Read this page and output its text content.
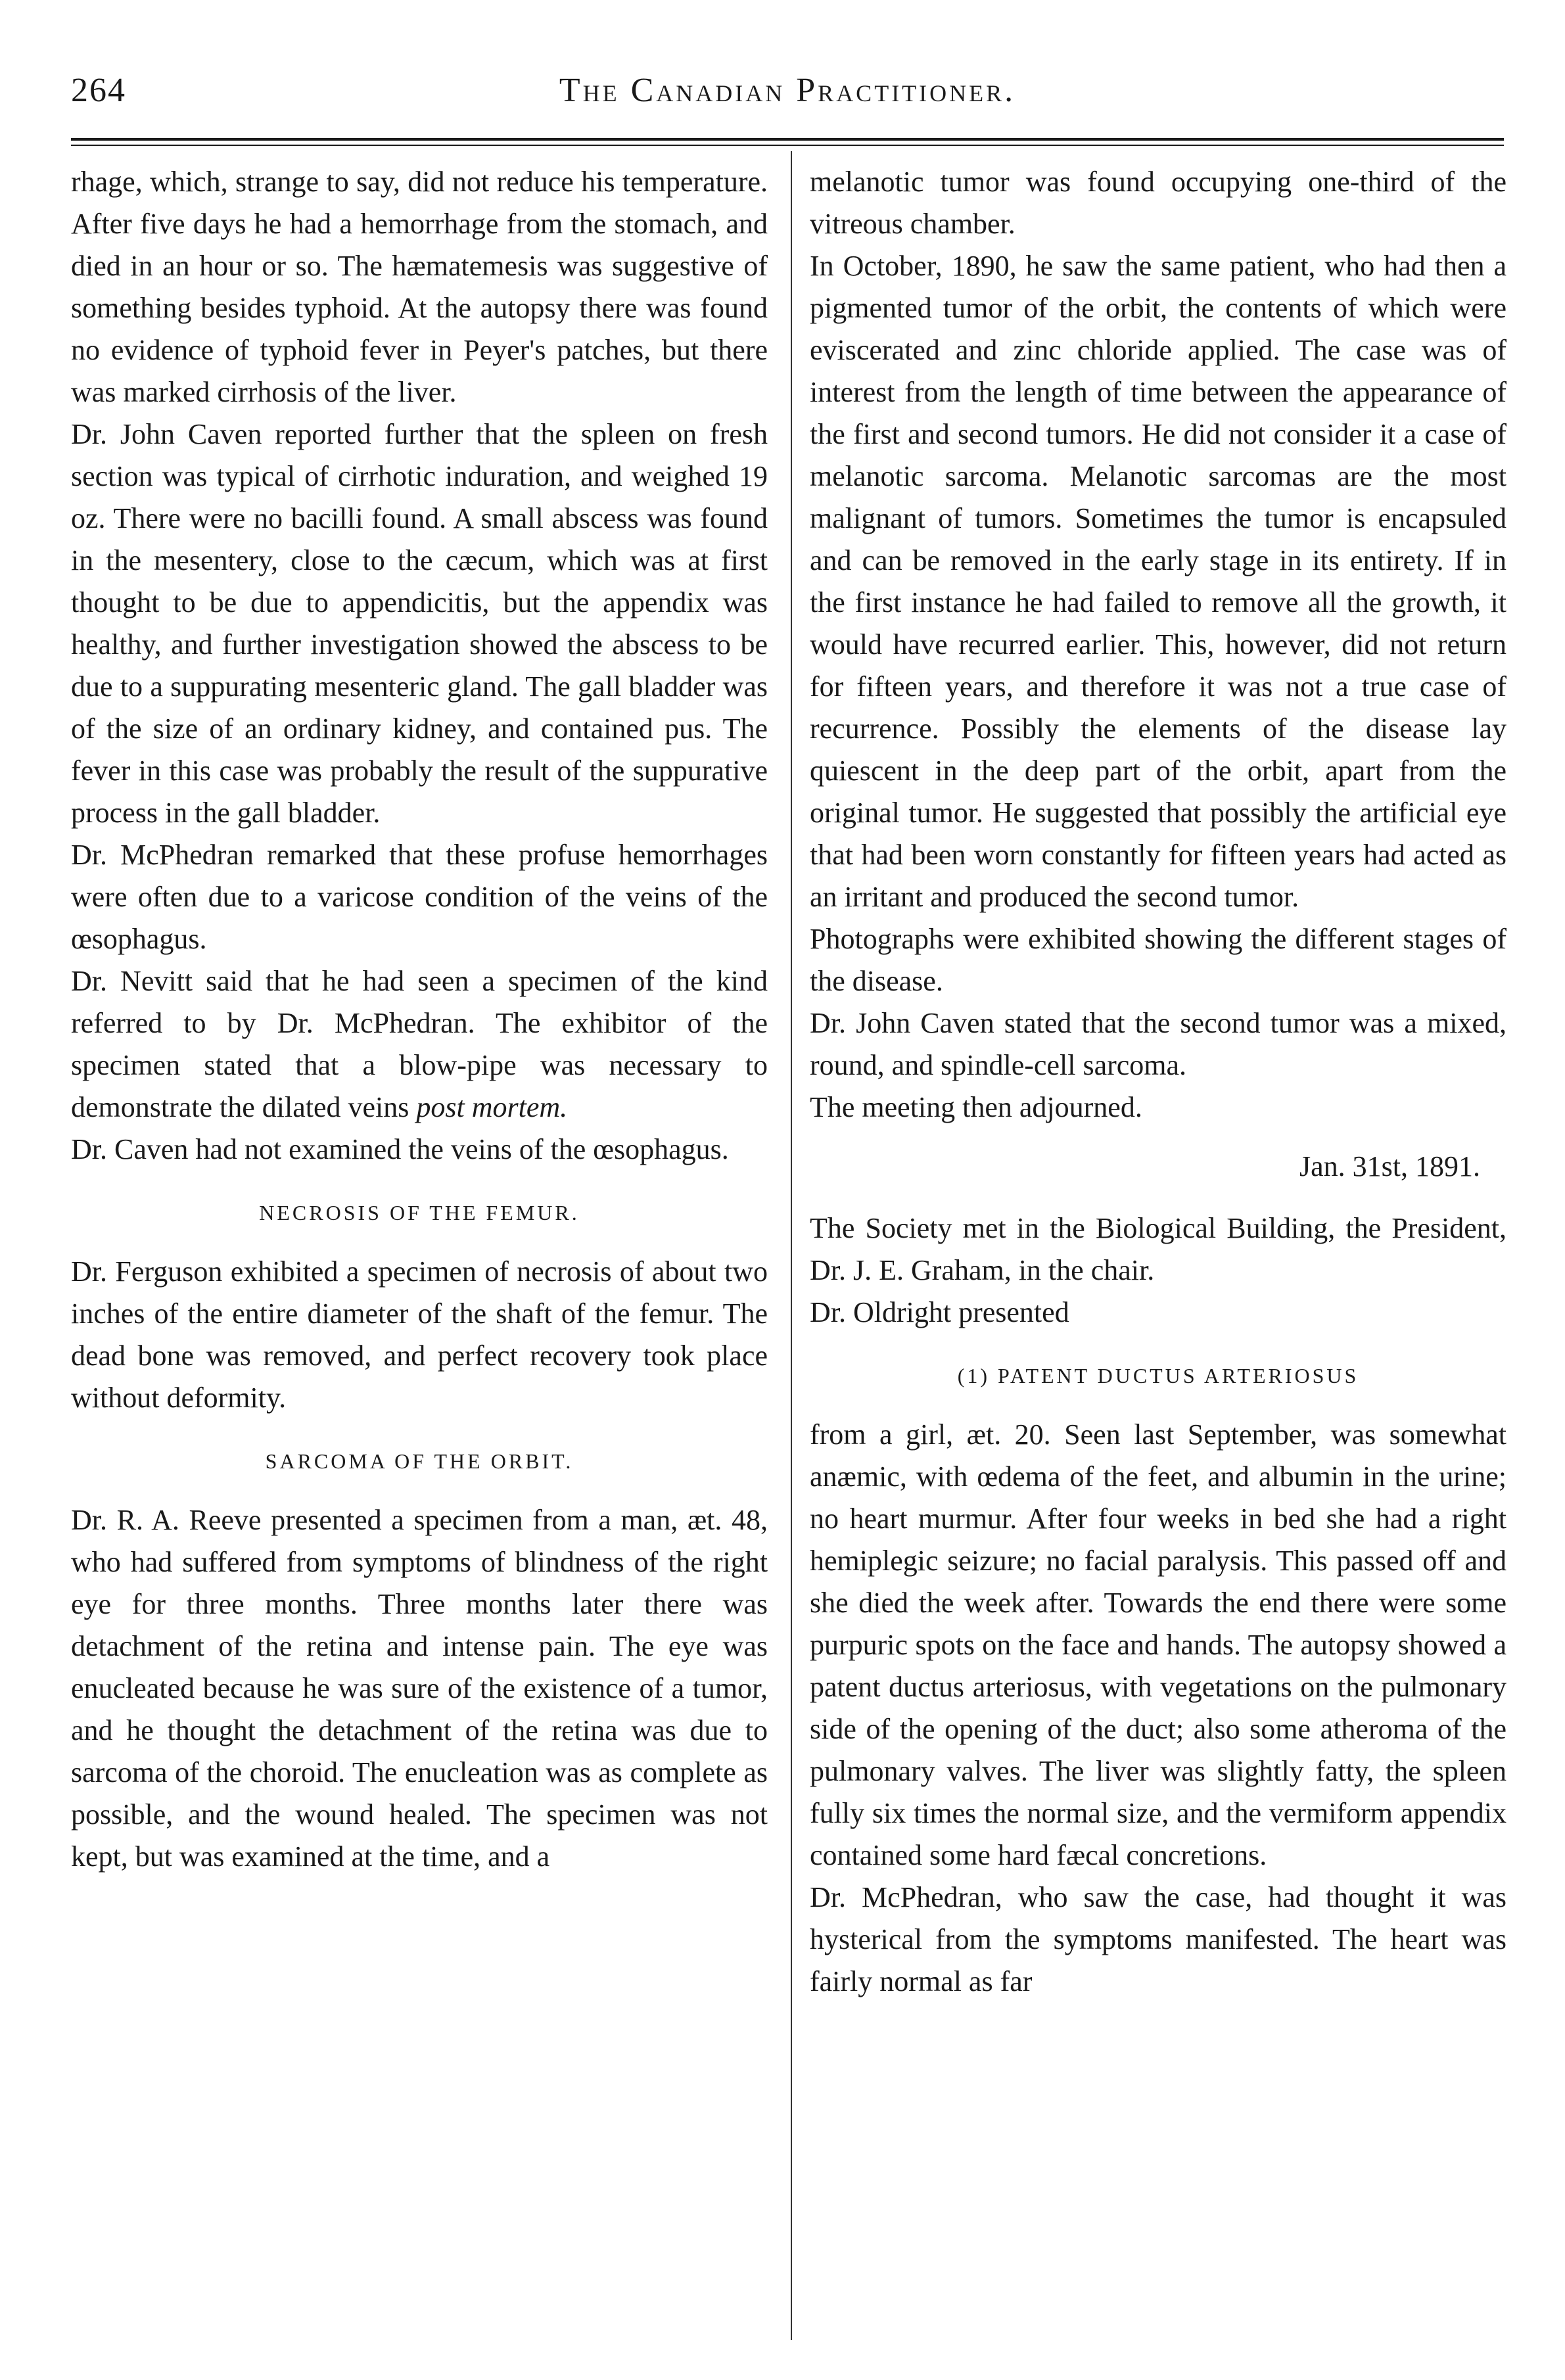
264	The Canadian Practitioner.

rhage, which, strange to say, did not reduce his temperature. After five days he had a hemorrhage from the stomach, and died in an hour or so. The hæmatemesis was suggestive of something besides typhoid. At the autopsy there was found no evidence of typhoid fever in Peyer's patches, but there was marked cirrhosis of the liver.

Dr. John Caven reported further that the spleen on fresh section was typical of cirrhotic induration, and weighed 19 oz. There were no bacilli found. A small abscess was found in the mesentery, close to the cæcum, which was at first thought to be due to appendicitis, but the appendix was healthy, and further investigation showed the abscess to be due to a suppurating mesenteric gland. The gall bladder was of the size of an ordinary kidney, and contained pus. The fever in this case was probably the result of the suppurative process in the gall bladder.

Dr. McPhedran remarked that these profuse hemorrhages were often due to a varicose condition of the veins of the œsophagus.

Dr. Nevitt said that he had seen a specimen of the kind referred to by Dr. McPhedran. The exhibitor of the specimen stated that a blow-pipe was necessary to demonstrate the dilated veins post mortem.

Dr. Caven had not examined the veins of the œsophagus.

NECROSIS OF THE FEMUR.

Dr. Ferguson exhibited a specimen of necrosis of about two inches of the entire diameter of the shaft of the femur. The dead bone was removed, and perfect recovery took place without deformity.

SARCOMA OF THE ORBIT.

Dr. R. A. Reeve presented a specimen from a man, æt. 48, who had suffered from symptoms of blindness of the right eye for three months. Three months later there was detachment of the retina and intense pain. The eye was enucleated because he was sure of the existence of a tumor, and he thought the detachment of the retina was due to sarcoma of the choroid. The enucleation was as complete as possible, and the wound healed. The specimen was not kept, but was examined at the time, and a

melanotic tumor was found occupying one-third of the vitreous chamber.

In October, 1890, he saw the same patient, who had then a pigmented tumor of the orbit, the contents of which were eviscerated and zinc chloride applied. The case was of interest from the length of time between the appearance of the first and second tumors. He did not consider it a case of melanotic sarcoma. Melanotic sarcomas are the most malignant of tumors. Sometimes the tumor is encapsuled and can be removed in the early stage in its entirety. If in the first instance he had failed to remove all the growth, it would have recurred earlier. This, however, did not return for fifteen years, and therefore it was not a true case of recurrence. Possibly the elements of the disease lay quiescent in the deep part of the orbit, apart from the original tumor. He suggested that possibly the artificial eye that had been worn constantly for fifteen years had acted as an irritant and produced the second tumor.

Photographs were exhibited showing the different stages of the disease.

Dr. John Caven stated that the second tumor was a mixed, round, and spindle-cell sarcoma.

The meeting then adjourned.

Jan. 31st, 1891.

The Society met in the Biological Building, the President, Dr. J. E. Graham, in the chair.

Dr. Oldright presented

(1) PATENT DUCTUS ARTERIOSUS

from a girl, æt. 20. Seen last September, was somewhat anæmic, with œdema of the feet, and albumin in the urine; no heart murmur. After four weeks in bed she had a right hemiplegic seizure; no facial paralysis. This passed off and she died the week after. Towards the end there were some purpuric spots on the face and hands. The autopsy showed a patent ductus arteriosus, with vegetations on the pulmonary side of the opening of the duct; also some atheroma of the pulmonary valves. The liver was slightly fatty, the spleen fully six times the normal size, and the vermiform appendix contained some hard fæcal concretions.

Dr. McPhedran, who saw the case, had thought it was hysterical from the symptoms manifested. The heart was fairly normal as far
